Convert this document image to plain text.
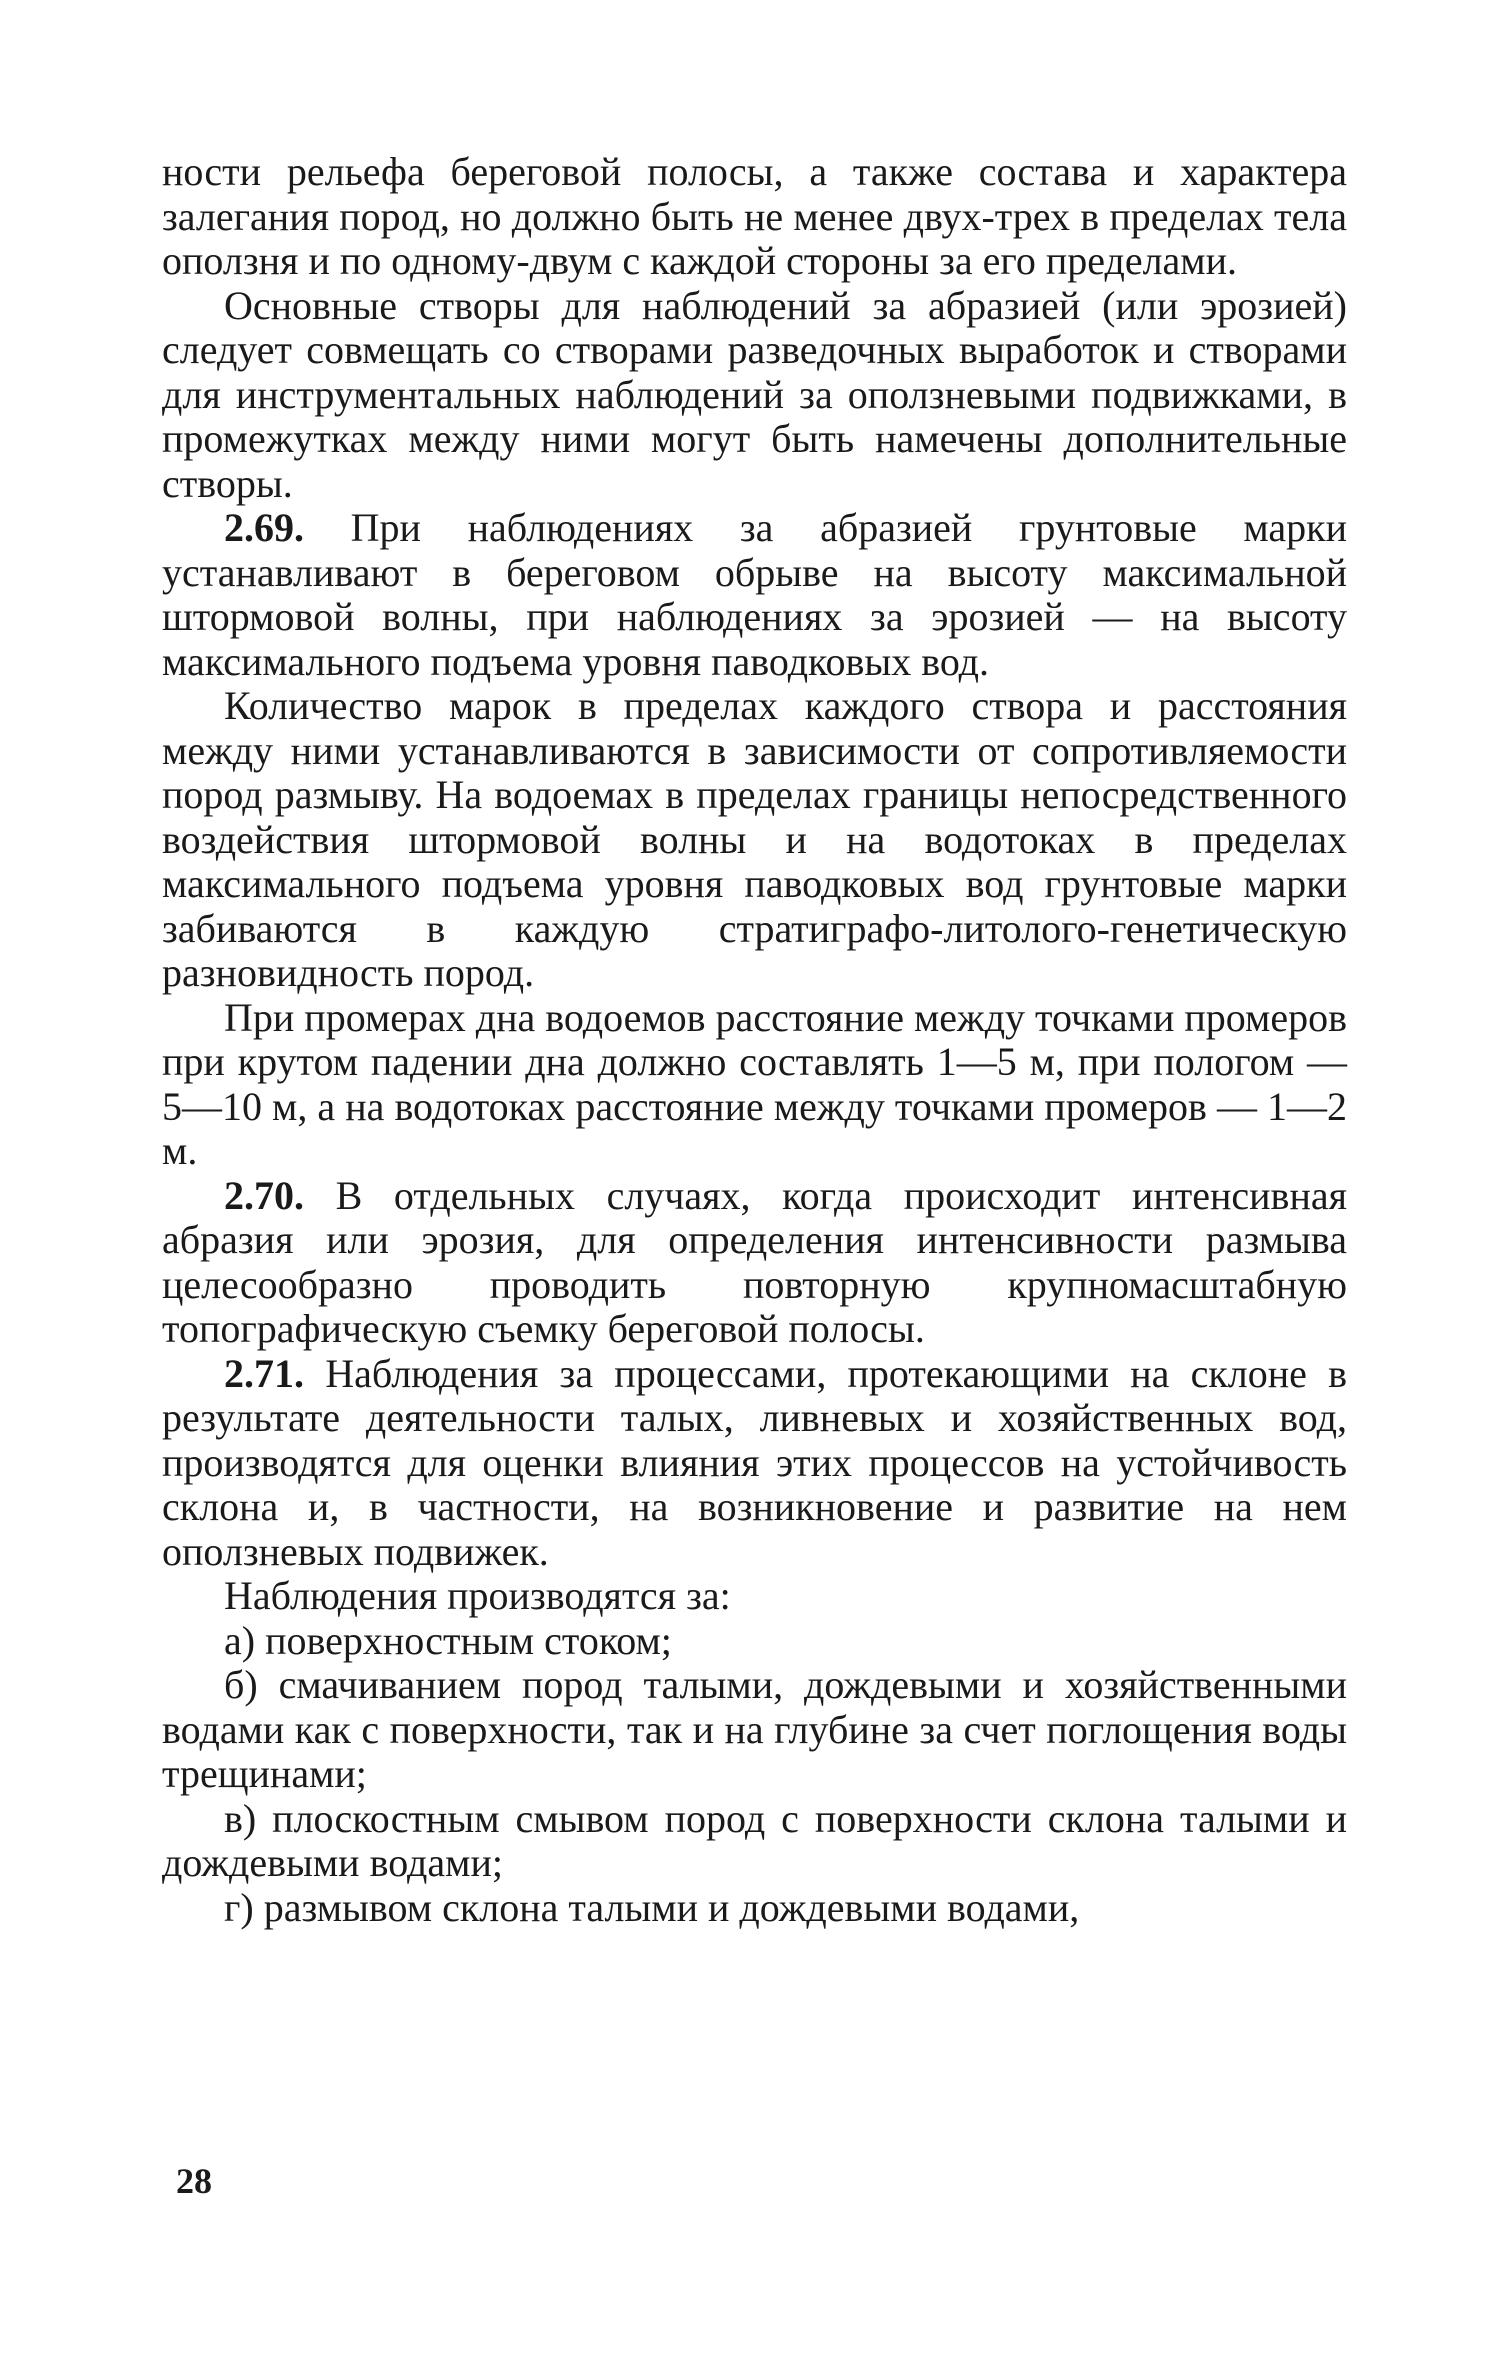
ности рельефа береговой полосы, а также состава и характера залегания пород, но должно быть не менее двух-трех в пределах тела оползня и по одному-двум с каждой стороны за его пределами.

Основные створы для наблюдений за абразией (или эрозией) следует совмещать со створами разведочных выработок и створами для инструментальных наблюдений за оползневыми подвижками, в промежутках между ними могут быть намечены дополнительные створы.

2.69. При наблюдениях за абразией грунтовые марки устанавливают в береговом обрыве на высоту максимальной штормовой волны, при наблюдениях за эрозией — на высоту максимального подъема уровня паводковых вод.

Количество марок в пределах каждого створа и расстояния между ними устанавливаются в зависимости от сопротивляемости пород размыву. На водоемах в пределах границы непосредственного воздействия штормовой волны и на водотоках в пределах максимального подъема уровня паводковых вод грунтовые марки забиваются в каждую стратиграфо-литолого-генетическую разновидность пород.

При промерах дна водоемов расстояние между точками промеров при крутом падении дна должно составлять 1—5 м, при пологом — 5—10 м, а на водотоках расстояние между точками промеров — 1—2 м.

2.70. В отдельных случаях, когда происходит интенсивная абразия или эрозия, для определения интенсивности размыва целесообразно проводить повторную крупномасштабную топографическую съемку береговой полосы.

2.71. Наблюдения за процессами, протекающими на склоне в результате деятельности талых, ливневых и хозяйственных вод, производятся для оценки влияния этих процессов на устойчивость склона и, в частности, на возникновение и развитие на нем оползневых подвижек.

Наблюдения производятся за:

а) поверхностным стоком;

б) смачиванием пород талыми, дождевыми и хозяйственными водами как с поверхности, так и на глубине за счет поглощения воды трещинами;

в) плоскостным смывом пород с поверхности склона талыми и дождевыми водами;

г) размывом склона талыми и дождевыми водами,

28
